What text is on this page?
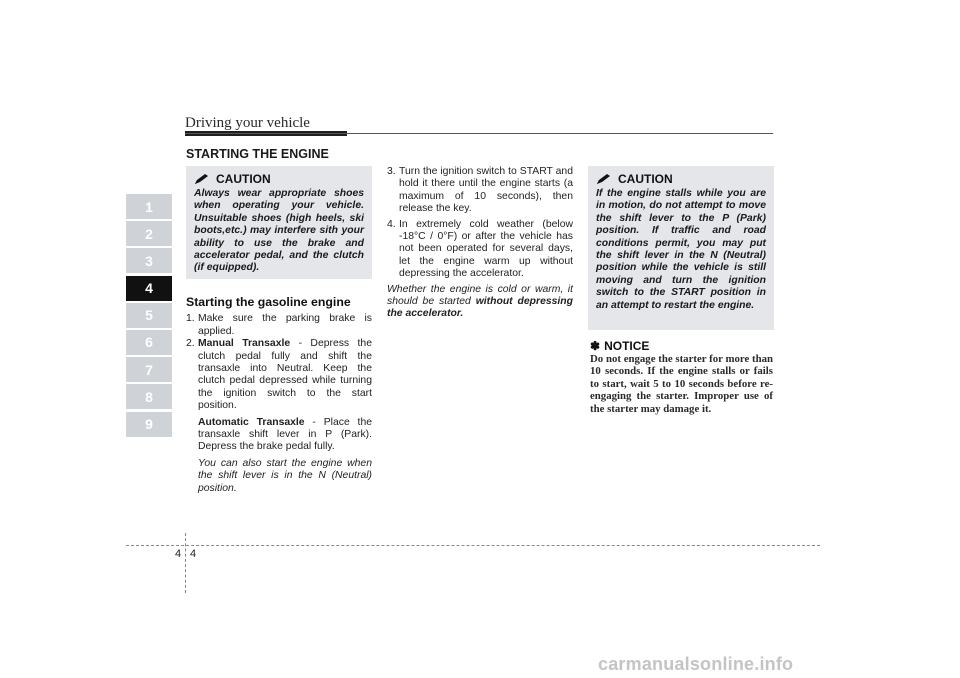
Driving your vehicle
STARTING THE ENGINE
1
2
3
4
5
6
7
8
9
CAUTION
Always wear appropriate shoes when operating your vehicle. Unsuitable shoes (high heels, ski boots,etc.) may interfere sith your ability to use the brake and accelerator pedal, and the clutch (if equipped).
Starting the gasoline engine
1. Make sure the parking brake is applied.
2. Manual Transaxle - Depress the clutch pedal fully and shift the transaxle into Neutral. Keep the clutch pedal depressed while turning the ignition switch to the start position.
Automatic Transaxle - Place the transaxle shift lever in P (Park). Depress the brake pedal fully.
You can also start the engine when the shift lever is in the N (Neutral) position.
3. Turn the ignition switch to START and hold it there until the engine starts (a maximum of 10 seconds), then release the key.
4. In extremely cold weather (below -18°C / 0°F) or after the vehicle has not been operated for several days, let the engine warm up without depressing the accelerator.
Whether the engine is cold or warm, it should be started without depressing the accelerator.
CAUTION
If the engine stalls while you are in motion, do not attempt to move the shift lever to the P (Park) position. If traffic and road conditions permit, you may put the shift lever in the N (Neutral) position while the vehicle is still moving and turn the ignition switch to the START position in an attempt to restart the engine.
✽ NOTICE
Do not engage the starter for more than 10 seconds. If the engine stalls or fails to start, wait 5 to 10 seconds before re-engaging the starter. Improper use of the starter may damage it.
4 4
carmanualsonline.info
